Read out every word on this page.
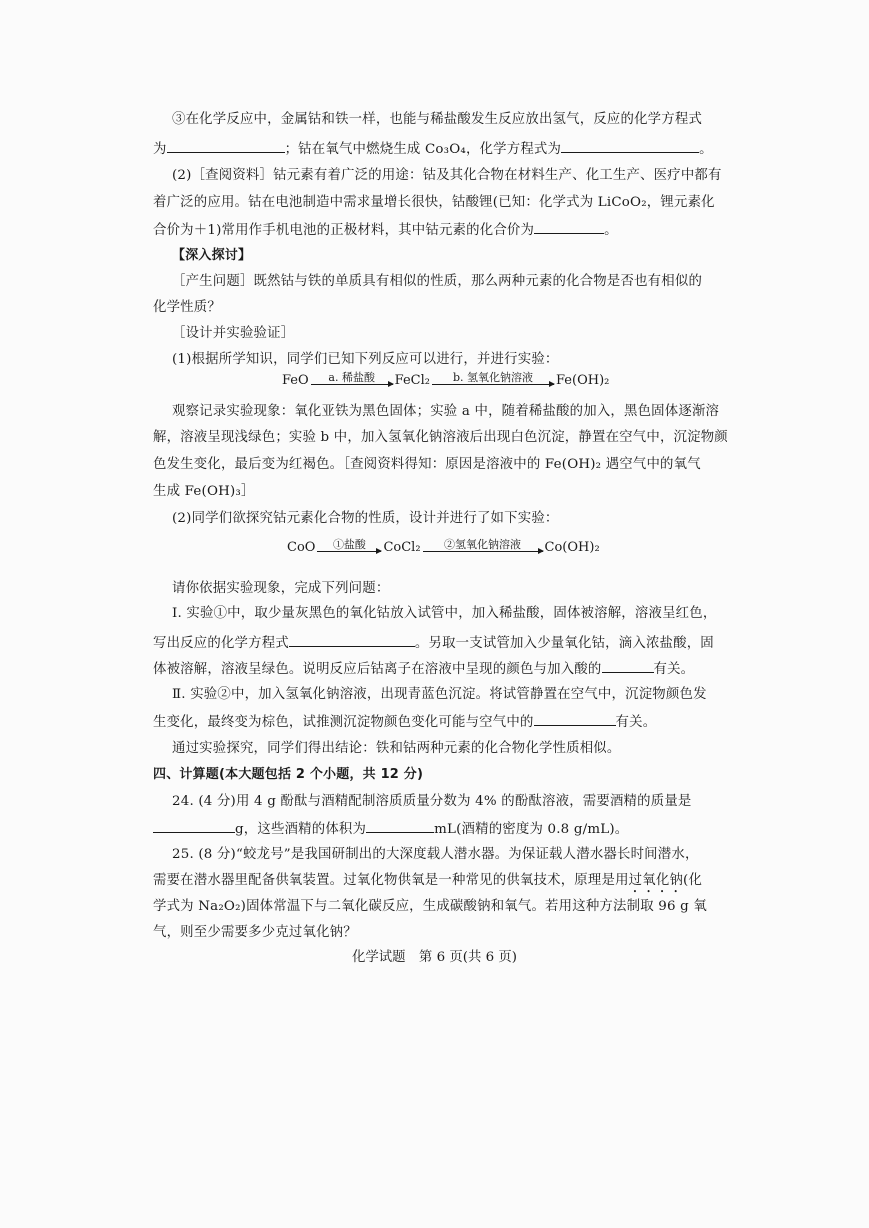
③在化学反应中，金属钴和铁一样，也能与稀盐酸发生反应放出氢气，反应的化学方程式
为	；钴在氧气中燃烧生成 Co₃O₄，化学方程式为	。
(2)［查阅资料］钴元素有着广泛的用途：钴及其化合物在材料生产、化工生产、医疗中都有
着广泛的应用。钴在电池制造中需求量增长很快，钴酸锂(已知：化学式为 LiCoO₂，锂元素化
合价为＋1)常用作手机电池的正极材料，其中钴元素的化合价为	。
【深入探讨】
［产生问题］既然钴与铁的单质具有相似的性质，那么两种元素的化合物是否也有相似的
化学性质？
［设计并实验验证］
(1)根据所学知识，同学们已知下列反应可以进行，并进行实验：
FeO	a. 稀盐酸	FeCl₂	b. 氢氧化钠溶液	Fe(OH)₂
观察记录实验现象：氧化亚铁为黑色固体；实验 a 中，随着稀盐酸的加入，黑色固体逐渐溶
解，溶液呈现浅绿色；实验 b 中，加入氢氧化钠溶液后出现白色沉淀，静置在空气中，沉淀物颜
色发生变化，最后变为红褐色。［查阅资料得知：原因是溶液中的 Fe(OH)₂ 遇空气中的氧气
生成 Fe(OH)₃］
(2)同学们欲探究钴元素化合物的性质，设计并进行了如下实验：
CoO	①盐酸	CoCl₂	②氢氧化钠溶液	Co(OH)₂
请你依据实验现象，完成下列问题：
Ⅰ. 实验①中，取少量灰黑色的氧化钴放入试管中，加入稀盐酸，固体被溶解，溶液呈红色，
写出反应的化学方程式	。另取一支试管加入少量氧化钴，滴入浓盐酸，固
体被溶解，溶液呈绿色。说明反应后钴离子在溶液中呈现的颜色与加入酸的	有关。
Ⅱ. 实验②中，加入氢氧化钠溶液，出现青蓝色沉淀。将试管静置在空气中，沉淀物颜色发
生变化，最终变为棕色，试推测沉淀物颜色变化可能与空气中的	有关。
通过实验探究，同学们得出结论：铁和钴两种元素的化合物化学性质相似。
四、计算题(本大题包括 2 个小题，共 12 分)
24. (4 分)用 4 g 酚酞与酒精配制溶质质量分数为 4% 的酚酞溶液，需要酒精的质量是
g，这些酒精的体积为	mL(酒精的密度为 0.8 g/mL)。
25. (8 分)“蛟龙号”是我国研制出的大深度载人潜水器。为保证载人潜水器长时间潜水，
需要在潜水器里配备供氧装置。过氧化物供氧是一种常见的供氧技术，原理是用过氧化钠(化
学式为 Na₂O₂)固体常温下与二氧化碳反应，生成碳酸钠和氧气。若用这种方法制取 96 g 氧
气，则至少需要多少克过氧化钠？
化学试题　第 6 页(共 6 页)
